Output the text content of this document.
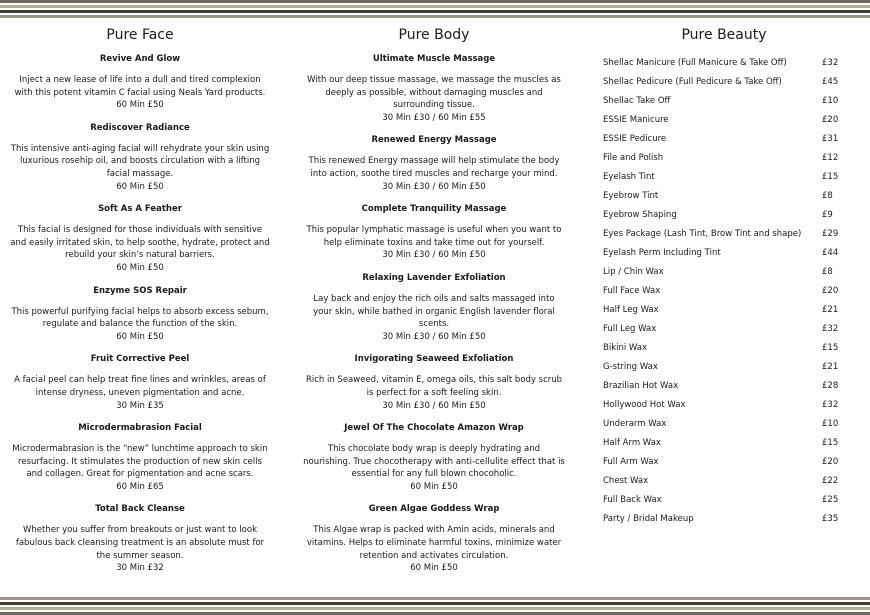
Pure Face
Revive And Glow
Inject a new lease of life into a dull and tired complexion with this potent vitamin C facial using Neals Yard products.
60 Min £50
Rediscover Radiance
This intensive anti-aging facial will rehydrate your skin using luxurious rosehip oil, and boosts circulation with a lifting facial massage.
60 Min £50
Soft As A Feather
This facial is designed for those individuals with sensitive and easily irritated skin, to help soothe, hydrate, protect and rebuild your skin’s natural barriers.
60 Min £50
Enzyme SOS Repair
This powerful purifying facial helps to absorb excess sebum, regulate and balance the function of the skin.
60 Min £50
Fruit Corrective Peel
A facial peel can help treat fine lines and wrinkles, areas of intense dryness, uneven pigmentation and acne.
30 Min £35
Microdermabrasion Facial
Microdermabrasion is the “new” lunchtime approach to skin resurfacing. It stimulates the production of new skin cells and collagen. Great for pigmentation and acne scars.
60 Min £65
Total Back Cleanse
Whether you suffer from breakouts or just want to look fabulous back cleansing treatment is an absolute must for the summer season.
30 Min £32
Pure Body
Ultimate Muscle Massage
With our deep tissue massage, we massage the muscles as deeply as possible, without damaging muscles and surrounding tissue.
30 Min £30 / 60 Min £55
Renewed Energy Massage
This renewed Energy massage will help stimulate the body into action, soothe tired muscles and recharge your mind.
30 Min £30 / 60 Min £50
Complete Tranquility Massage
This popular lymphatic massage is useful when you want to help eliminate toxins and take time out for yourself.
30 Min £30 / 60 Min £50
Relaxing Lavender Exfoliation
Lay back and enjoy the rich oils and salts massaged into your skin, while bathed in organic English lavender floral scents.
30 Min £30 / 60 Min £50
Invigorating Seaweed Exfoliation
Rich in Seaweed, vitamin E, omega oils, this salt body scrub is perfect for a soft feeling skin.
30 Min £30 / 60 Min £50
Jewel Of The Chocolate Amazon Wrap
This chocolate body wrap is deeply hydrating and nourishing. True chocotherapy with anti-cellulite effect that is essential for any full blown chocoholic.
60 Min £50
Green Algae Goddess Wrap
This Algae wrap is packed with Amin acids, minerals and vitamins. Helps to eliminate harmful toxins, minimize water retention and activates circulation.
60 Min £50
Pure Beauty
Shellac Manicure (Full Manicure & Take Off)	£32
Shellac Pedicure (Full Pedicure & Take Off)	£45
Shellac Take Off	£10
ESSIE Manicure	£20
ESSIE Pedicure	£31
File and Polish	£12
Eyelash Tint	£15
Eyebrow Tint	£8
Eyebrow Shaping	£9
Eyes Package (Lash Tint, Brow Tint and shape) £29
Eyelash Perm Including Tint	£44
Lip / Chin Wax	£8
Full Face Wax	£20
Half Leg Wax	£21
Full Leg Wax	£32
Bikini Wax	£15
G-string Wax	£21
Brazilian Hot Wax	£28
Hollywood Hot Wax	£32
Underarm Wax	£10
Half Arm Wax	£15
Full Arm Wax	£20
Chest Wax	£22
Full Back Wax	£25
Party / Bridal Makeup	£35
